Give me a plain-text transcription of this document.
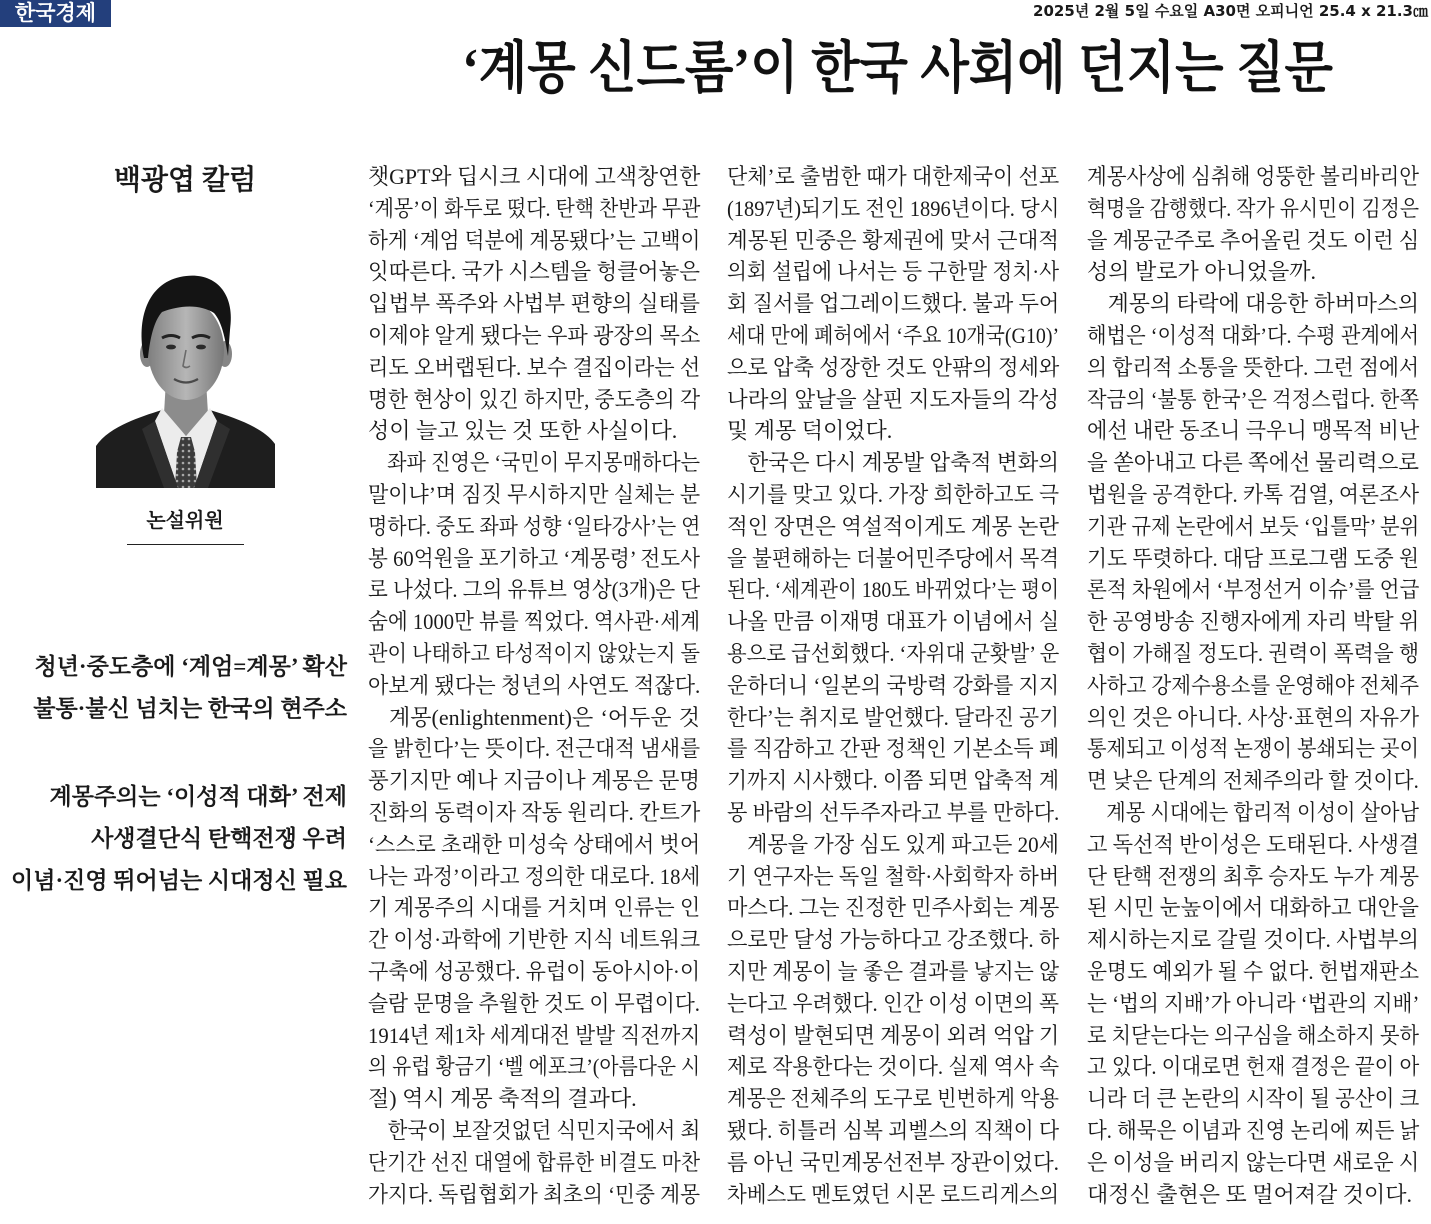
한국경제	2025년 2월 5일 수요일 A30면 오피니언 25.4 x 21.3㎝
‘계몽 신드롬’이 한국 사회에 던지는 질문
백광엽 칼럼
논설위원
청년·중도층에 ‘계엄=계몽’ 확산
불통·불신 넘치는 한국의 현주소
계몽주의는 ‘이성적 대화’ 전제
사생결단식 탄핵전쟁 우려
이념·진영 뛰어넘는 시대정신 필요
챗GPT와 딥시크 시대에 고색창연한
‘계몽’이 화두로 떴다. 탄핵 찬반과 무관
하게 ‘계엄 덕분에 계몽됐다’는 고백이
잇따른다. 국가 시스템을 헝클어놓은
입법부 폭주와 사법부 편향의 실태를
이제야 알게 됐다는 우파 광장의 목소
리도 오버랩된다. 보수 결집이라는 선
명한 현상이 있긴 하지만, 중도층의 각
성이 늘고 있는 것 또한 사실이다.
좌파 진영은 ‘국민이 무지몽매하다는
말이냐’며 짐짓 무시하지만 실체는 분
명하다. 중도 좌파 성향 ‘일타강사’는 연
봉 60억원을 포기하고 ‘계몽령’ 전도사
로 나섰다. 그의 유튜브 영상(3개)은 단
숨에 1000만 뷰를 찍었다. 역사관·세계
관이 나태하고 타성적이지 않았는지 돌
아보게 됐다는 청년의 사연도 적잖다.
계몽(enlightenment)은 ‘어두운 것
을 밝힌다’는 뜻이다. 전근대적 냄새를
풍기지만 예나 지금이나 계몽은 문명
진화의 동력이자 작동 원리다. 칸트가
‘스스로 초래한 미성숙 상태에서 벗어
나는 과정’이라고 정의한 대로다. 18세
기 계몽주의 시대를 거치며 인류는 인
간 이성·과학에 기반한 지식 네트워크
구축에 성공했다. 유럽이 동아시아·이
슬람 문명을 추월한 것도 이 무렵이다.
1914년 제1차 세계대전 발발 직전까지
의 유럽 황금기 ‘벨 에포크’(아름다운 시
절) 역시 계몽 축적의 결과다.
한국이 보잘것없던 식민지국에서 최
단기간 선진 대열에 합류한 비결도 마찬
가지다. 독립협회가 최초의 ‘민중 계몽
단체’로 출범한 때가 대한제국이 선포
(1897년)되기도 전인 1896년이다. 당시
계몽된 민중은 황제권에 맞서 근대적
의회 설립에 나서는 등 구한말 정치·사
회 질서를 업그레이드했다. 불과 두어
세대 만에 폐허에서 ‘주요 10개국(G10)’
으로 압축 성장한 것도 안팎의 정세와
나라의 앞날을 살핀 지도자들의 각성
및 계몽 덕이었다.
한국은 다시 계몽발 압축적 변화의
시기를 맞고 있다. 가장 희한하고도 극
적인 장면은 역설적이게도 계몽 논란
을 불편해하는 더불어민주당에서 목격
된다. ‘세계관이 180도 바뀌었다’는 평이
나올 만큼 이재명 대표가 이념에서 실
용으로 급선회했다. ‘자위대 군홧발’ 운
운하더니 ‘일본의 국방력 강화를 지지
한다’는 취지로 발언했다. 달라진 공기
를 직감하고 간판 정책인 기본소득 폐
기까지 시사했다. 이쯤 되면 압축적 계
몽 바람의 선두주자라고 부를 만하다.
계몽을 가장 심도 있게 파고든 20세
기 연구자는 독일 철학·사회학자 하버
마스다. 그는 진정한 민주사회는 계몽
으로만 달성 가능하다고 강조했다. 하
지만 계몽이 늘 좋은 결과를 낳지는 않
는다고 우려했다. 인간 이성 이면의 폭
력성이 발현되면 계몽이 외려 억압 기
제로 작용한다는 것이다. 실제 역사 속
계몽은 전체주의 도구로 빈번하게 악용
됐다. 히틀러 심복 괴벨스의 직책이 다
름 아닌 국민계몽선전부 장관이었다.
차베스도 멘토였던 시몬 로드리게스의
계몽사상에 심취해 엉뚱한 볼리바리안
혁명을 감행했다. 작가 유시민이 김정은
을 계몽군주로 추어올린 것도 이런 심
성의 발로가 아니었을까.
계몽의 타락에 대응한 하버마스의
해법은 ‘이성적 대화’다. 수평 관계에서
의 합리적 소통을 뜻한다. 그런 점에서
작금의 ‘불통 한국’은 걱정스럽다. 한쪽
에선 내란 동조니 극우니 맹목적 비난
을 쏟아내고 다른 쪽에선 물리력으로
법원을 공격한다. 카톡 검열, 여론조사
기관 규제 논란에서 보듯 ‘입틀막’ 분위
기도 뚜렷하다. 대담 프로그램 도중 원
론적 차원에서 ‘부정선거 이슈’를 언급
한 공영방송 진행자에게 자리 박탈 위
협이 가해질 정도다. 권력이 폭력을 행
사하고 강제수용소를 운영해야 전체주
의인 것은 아니다. 사상·표현의 자유가
통제되고 이성적 논쟁이 봉쇄되는 곳이
면 낮은 단계의 전체주의라 할 것이다.
계몽 시대에는 합리적 이성이 살아남
고 독선적 반이성은 도태된다. 사생결
단 탄핵 전쟁의 최후 승자도 누가 계몽
된 시민 눈높이에서 대화하고 대안을
제시하는지로 갈릴 것이다. 사법부의
운명도 예외가 될 수 없다. 헌법재판소
는 ‘법의 지배’가 아니라 ‘법관의 지배’
로 치닫는다는 의구심을 해소하지 못하
고 있다. 이대로면 헌재 결정은 끝이 아
니라 더 큰 논란의 시작이 될 공산이 크
다. 해묵은 이념과 진영 논리에 찌든 낡
은 이성을 버리지 않는다면 새로운 시
대정신 출현은 또 멀어져갈 것이다.
